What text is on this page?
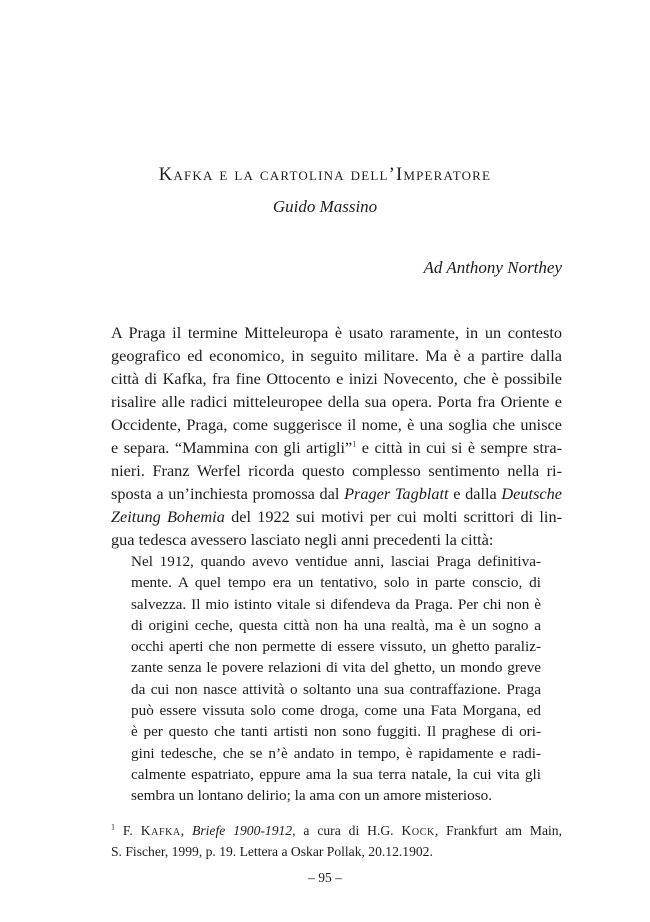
Kafka e la cartolina dell’Imperatore
Guido Massino
Ad Anthony Northey
A Praga il termine Mitteleuropa è usato raramente, in un contesto
geografico ed economico, in seguito militare. Ma è a partire dalla
città di Kafka, fra fine Ottocento e inizi Novecento, che è possibile
risalire alle radici mitteleuropee della sua opera. Porta fra Oriente e
Occidente, Praga, come suggerisce il nome, è una soglia che unisce
e separa. “Mammina con gli artigli”$^1$ e città in cui si è sempre stra-
nieri. Franz Werfel ricorda questo complesso sentimento nella ri-
sposta a un’inchiesta promossa dal Prager Tagblatt e dalla Deutsche
Zeitung Bohemia del 1922 sui motivi per cui molti scrittori di lin-
gua tedesca avessero lasciato negli anni precedenti la città:
Nel 1912, quando avevo ventidue anni, lasciai Praga definitiva-
mente. A quel tempo era un tentativo, solo in parte conscio, di
salvezza. Il mio istinto vitale si difendeva da Praga. Per chi non è
di origini ceche, questa città non ha una realtà, ma è un sogno a
occhi aperti che non permette di essere vissuto, un ghetto paraliz-
zante senza le povere relazioni di vita del ghetto, un mondo greve
da cui non nasce attività o soltanto una sua contraffazione. Praga
può essere vissuta solo come droga, come una Fata Morgana, ed
è per questo che tanti artisti non sono fuggiti. Il praghese di ori-
gini tedesche, che se n’è andato in tempo, è rapidamente e radi-
calmente espatriato, eppure ama la sua terra natale, la cui vita gli
sembra un lontano delirio; la ama con un amore misterioso.
$^1$ F. Kafka, Briefe 1900-1912, a cura di H.G. Kock, Frankfurt am Main,
S. Fischer, 1999, p. 19. Lettera a Oskar Pollak, 20.12.1902.
– 95 –
